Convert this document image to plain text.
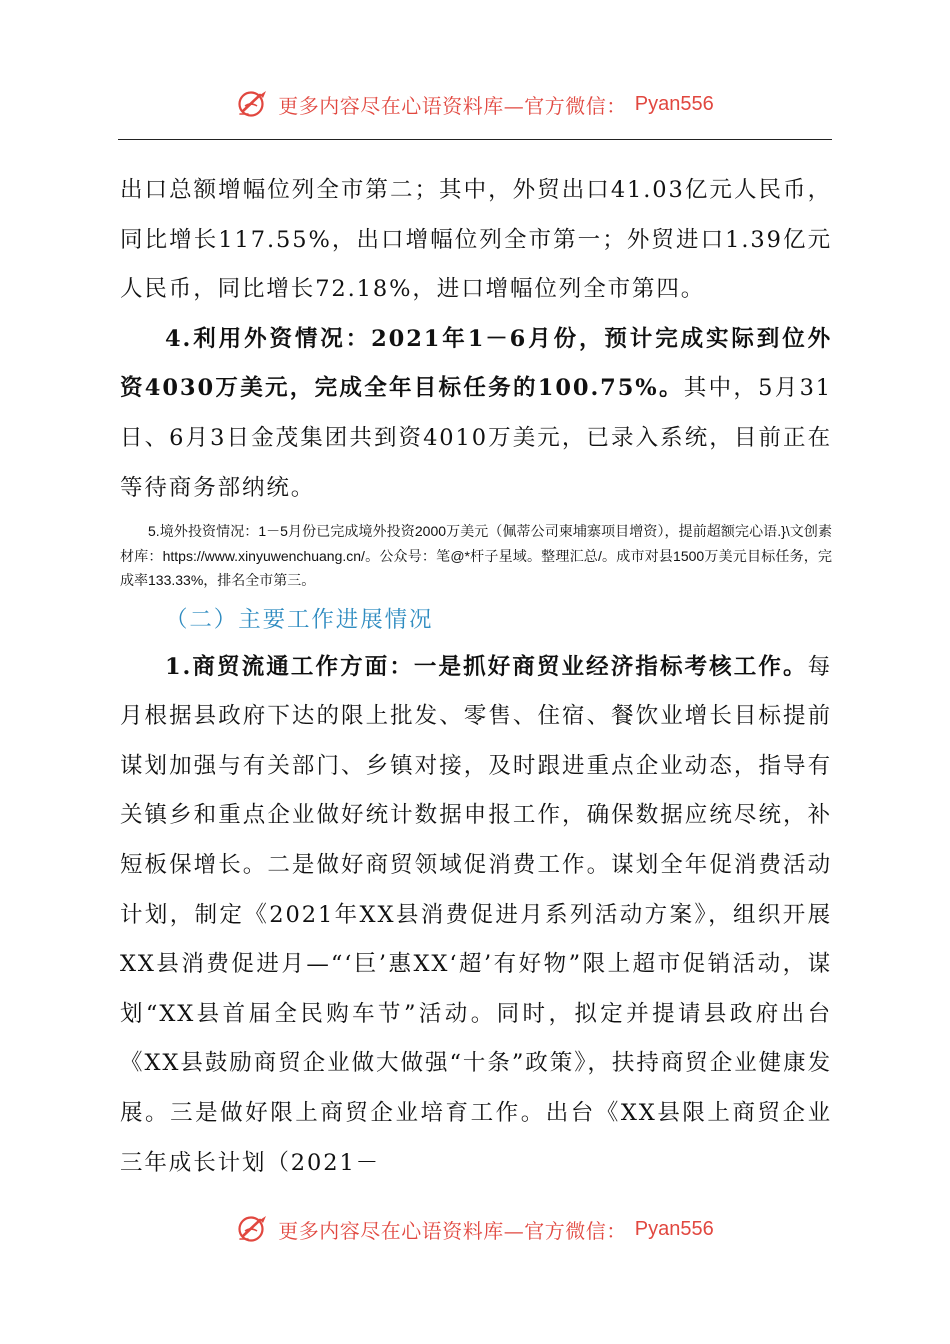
更多内容尽在心语资料库—官方微信： Pyan556

出口总额增幅位列全市第二；其中，外贸出口41.03亿元人民币，同比增长117.55%，出口增幅位列全市第一；外贸进口1.39亿元人民币，同比增长72.18%，进口增幅位列全市第四。

4.利用外资情况：2021年1－6月份，预计完成实际到位外资4030万美元，完成全年目标任务的100.75%。其中，5月31日、6月3日金茂集团共到资4010万美元，已录入系统，目前正在等待商务部纳统。

5.境外投资情况：1－5月份已完成境外投资2000万美元（佩蒂公司柬埔寨项目增资），提前超额完心语.}\文创素材库：https://www.xinyuwenchuang.cn/。公众号：笔@*杆子星域。整理汇总/。成市对县1500万美元目标任务，完成率133.33%，排名全市第三。

（二）主要工作进展情况

1.商贸流通工作方面：一是抓好商贸业经济指标考核工作。每月根据县政府下达的限上批发、零售、住宿、餐饮业增长目标提前谋划加强与有关部门、乡镇对接，及时跟进重点企业动态，指导有关镇乡和重点企业做好统计数据申报工作，确保数据应统尽统，补短板保增长。二是做好商贸领域促消费工作。谋划全年促消费活动计划，制定《2021年XX县消费促进月系列活动方案》，组织开展XX县消费促进月—“‘巨’惠XX‘超’有好物”限上超市促销活动，谋划“XX县首届全民购车节”活动。同时，拟定并提请县政府出台《XX县鼓励商贸企业做大做强“十条”政策》，扶持商贸企业健康发展。三是做好限上商贸企业培育工作。出台《XX县限上商贸企业三年成长计划（2021－

更多内容尽在心语资料库—官方微信： Pyan556
